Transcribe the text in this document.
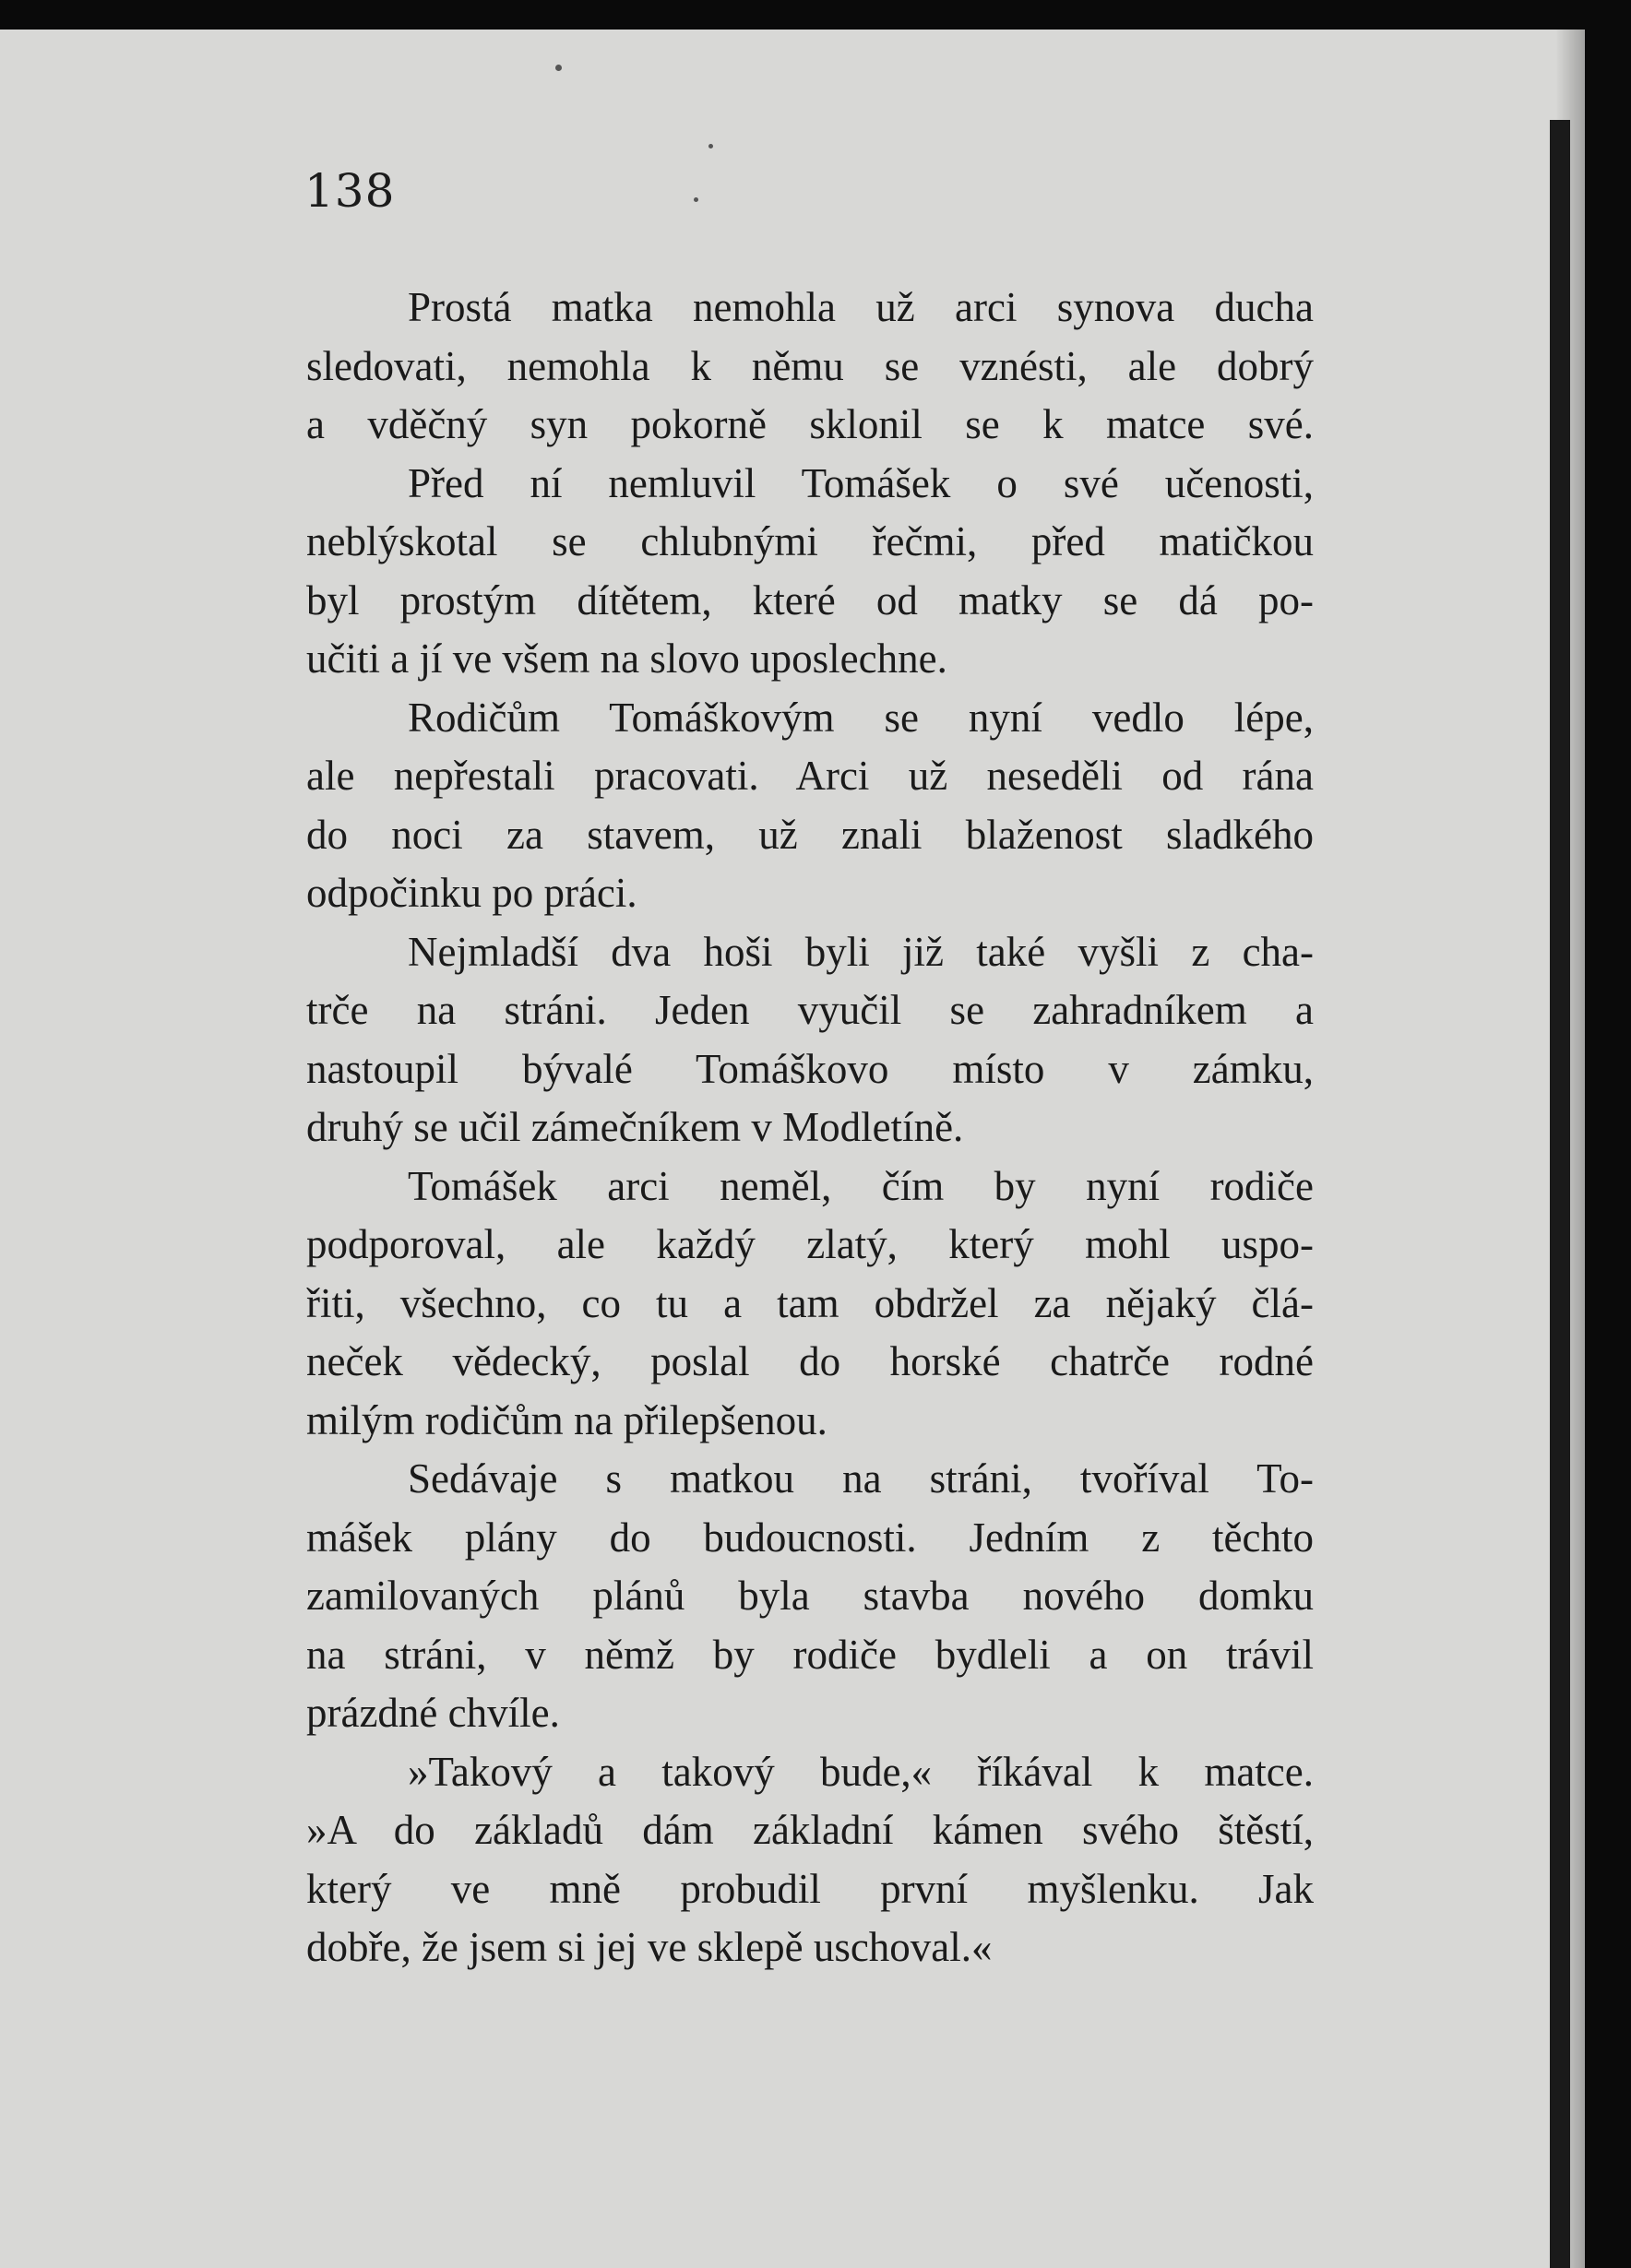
138

Prostá matka nemohla už arci synova ducha
sledovati, nemohla k němu se vznésti, ale dobrý
a vděčný syn pokorně sklonil se k matce své.

Před ní nemluvil Tomášek o své učenosti,
neblýskotal se chlubnými řečmi, před matičkou
byl prostým dítětem, které od matky se dá po-
učiti a jí ve všem na slovo uposlechne.

Rodičům Tomáškovým se nyní vedlo lépe,
ale nepřestali pracovati. Arci už neseděli od rána
do noci za stavem, už znali blaženost sladkého
odpočinku po práci.

Nejmladší dva hoši byli již také vyšli z cha-
trče na stráni. Jeden vyučil se zahradníkem a
nastoupil bývalé Tomáškovo místo v zámku,
druhý se učil zámečníkem v Modletíně.

Tomášek arci neměl, čím by nyní rodiče
podporoval, ale každý zlatý, který mohl uspo-
řiti, všechno, co tu a tam obdržel za nějaký člá-
neček vědecký, poslal do horské chatrče rodné
milým rodičům na přilepšenou.

Sedávaje s matkou na stráni, tvoříval To-
mášek plány do budoucnosti. Jedním z těchto
zamilovaných plánů byla stavba nového domku
na stráni, v němž by rodiče bydleli a on trávil
prázdné chvíle.

»Takový a takový bude,« říkával k matce.
»A do základů dám základní kámen svého štěstí,
který ve mně probudil první myšlenku. Jak
dobře, že jsem si jej ve sklepě uschoval.«
